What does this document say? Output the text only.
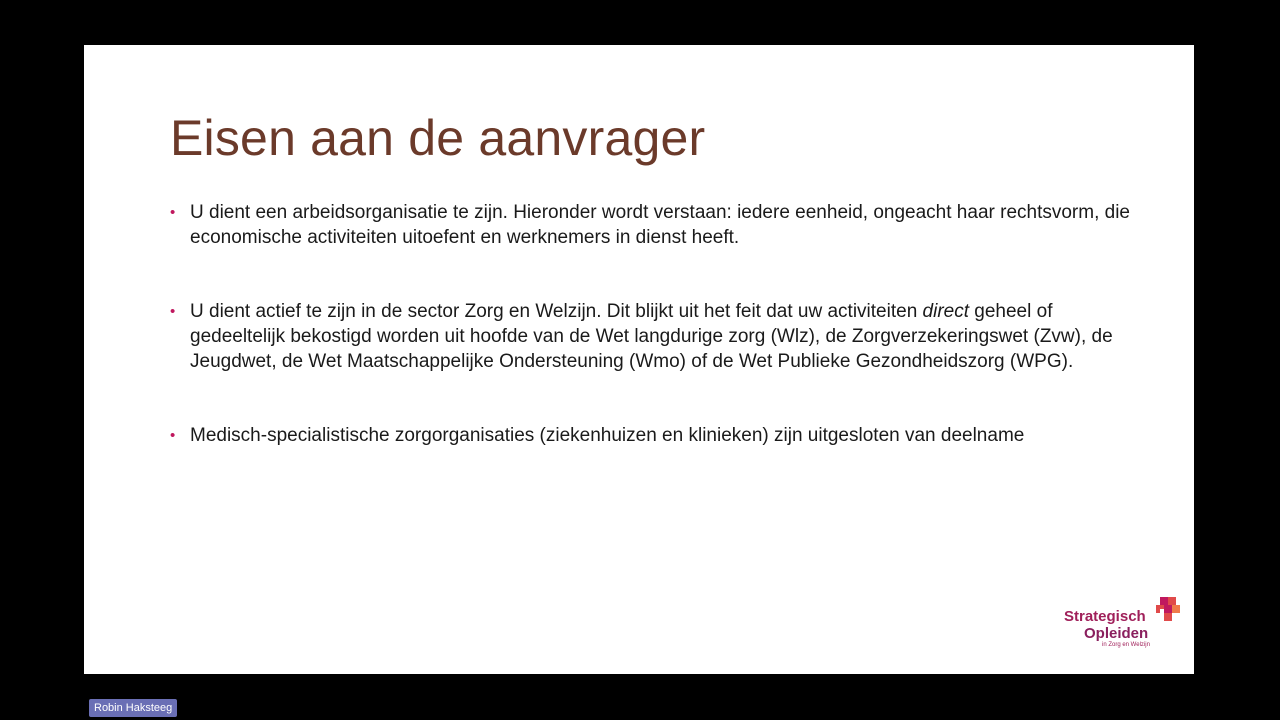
Eisen aan de aanvrager
• U dient een arbeidsorganisatie te zijn. Hieronder wordt verstaan: iedere eenheid, ongeacht haar rechtsvorm, die economische activiteiten uitoefent en werknemers in dienst heeft.
• U dient actief te zijn in de sector Zorg en Welzijn. Dit blijkt uit het feit dat uw activiteiten direct geheel of gedeeltelijk bekostigd worden uit hoofde van de Wet langdurige zorg (Wlz), de Zorgverzekeringswet (Zvw), de Jeugdwet, de Wet Maatschappelijke Ondersteuning (Wmo) of de Wet Publieke Gezondheidszorg (WPG).
• Medisch-specialistische zorgorganisaties (ziekenhuizen en klinieken) zijn uitgesloten van deelname
Strategisch
Opleiden
in Zorg en Welzijn
Robin Haksteeg
